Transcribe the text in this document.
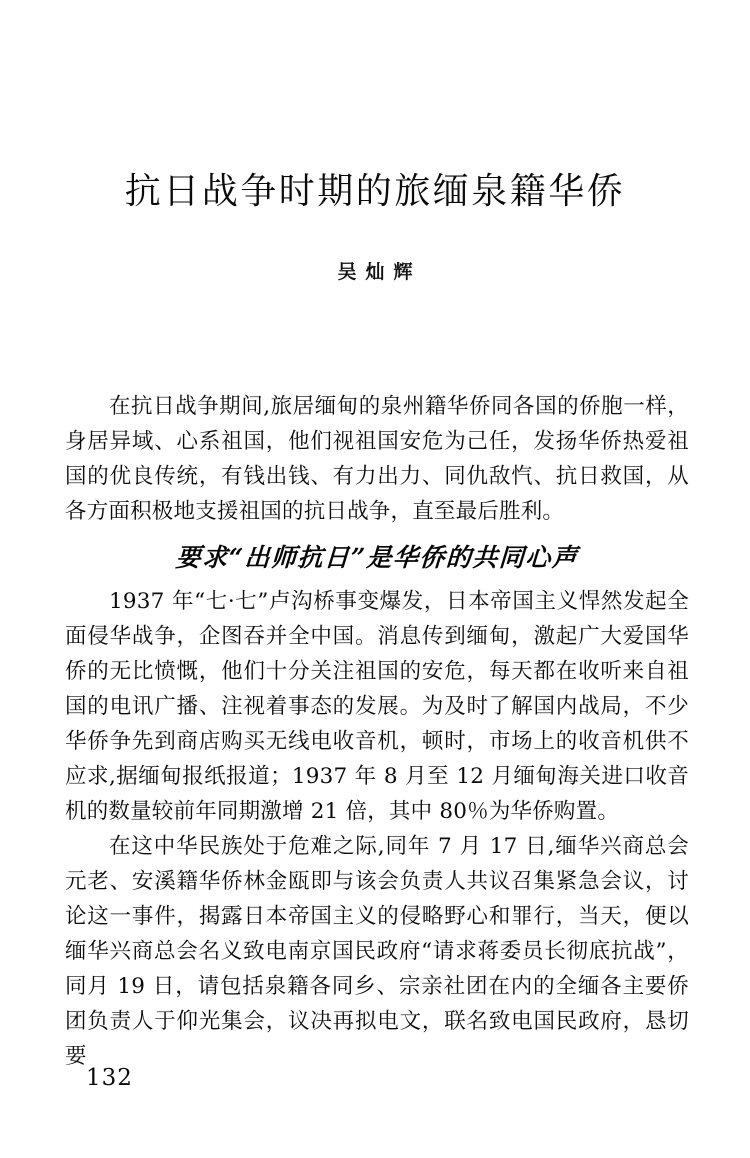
抗日战争时期的旅缅泉籍华侨
吴灿辉

在抗日战争期间,旅居缅甸的泉州籍华侨同各国的侨胞一样，身居异域、心系祖国，他们视祖国安危为己任，发扬华侨热爱祖国的优良传统，有钱出钱、有力出力、同仇敌忾、抗日救国，从各方面积极地支援祖国的抗日战争，直至最后胜利。

要求“出师抗日”是华侨的共同心声

1937 年“七·七”卢沟桥事变爆发，日本帝国主义悍然发起全面侵华战争，企图吞并全中国。消息传到缅甸，激起广大爱国华侨的无比愤慨，他们十分关注祖国的安危，每天都在收听来自祖国的电讯广播、注视着事态的发展。为及时了解国内战局，不少华侨争先到商店购买无线电收音机，顿时，市场上的收音机供不应求,据缅甸报纸报道；1937 年 8 月至 12 月缅甸海关进口收音机的数量较前年同期激增 21 倍，其中 80％为华侨购置。

在这中华民族处于危难之际,同年 7 月 17 日,缅华兴商总会元老、安溪籍华侨林金瓯即与该会负责人共议召集紧急会议，讨论这一事件，揭露日本帝国主义的侵略野心和罪行，当天，便以缅华兴商总会名义致电南京国民政府“请求蒋委员长彻底抗战”，同月 19 日，请包括泉籍各同乡、宗亲社团在内的全缅各主要侨团负责人于仰光集会，议决再拟电文，联名致电国民政府，恳切要

132
